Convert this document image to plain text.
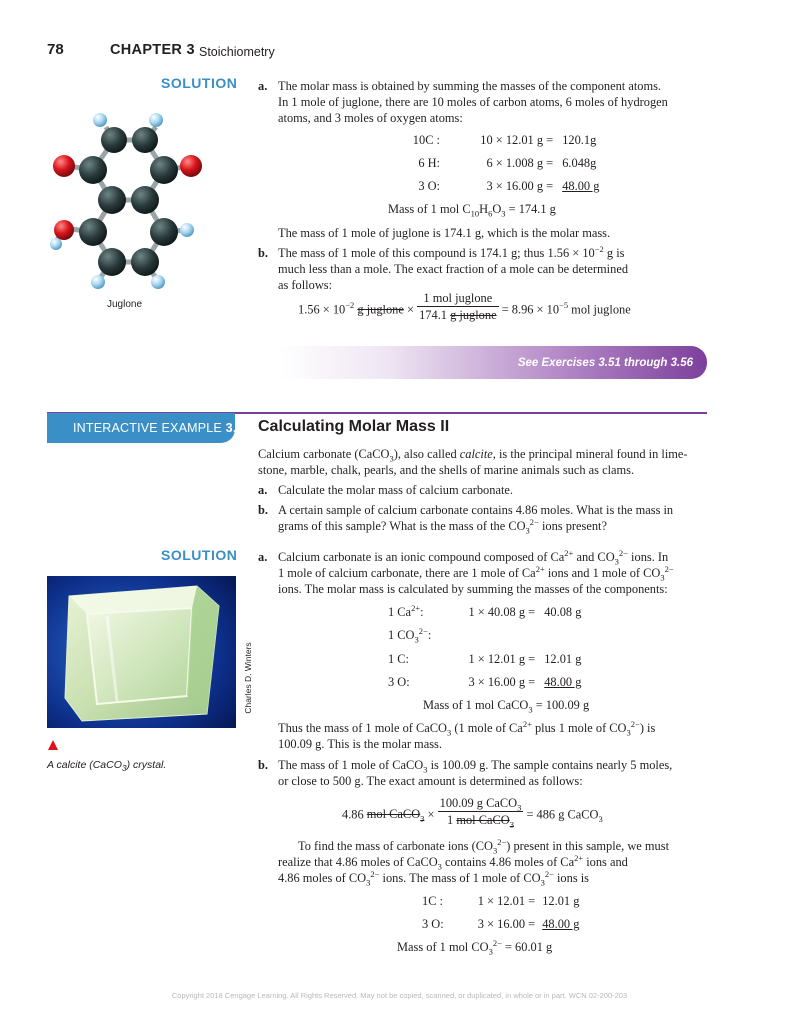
78	CHAPTER 3 Stoichiometry
SOLUTION
Juglone
a. The molar mass is obtained by summing the masses of the component atoms.
In 1 mole of juglone, there are 10 moles of carbon atoms, 6 moles of hydrogen
atoms, and 3 moles of oxygen atoms:
10C :	10 × 12.01 g = 120.1g
6 H:	6 × 1.008 g = 6.048g
3 O:	3 × 16.00 g = 48.00 g
Mass of 1 mol $C_{10}H_6O_3 = 174.1$ g
The mass of 1 mole of juglone is 174.1 g, which is the molar mass.
b. The mass of 1 mole of this compound is 174.1 g; thus $1.56 \times 10^{-2}$ g is
much less than a mole. The exact fraction of a mole can be determined
as follows:
$1.56 \times 10^{-2}$ g juglone × $\frac{\text{1 mol juglone}}{\text{174.1 g juglone}} = 8.96 \times 10^{-5}$ mol juglone
See Exercises 3.51 through 3.56
INTERACTIVE EXAMPLE 3.7 Calculating Molar Mass II
Calcium carbonate (CaCO$_3$), also called calcite, is the principal mineral found in lime-
stone, marble, chalk, pearls, and the shells of marine animals such as clams.
a. Calculate the molar mass of calcium carbonate.
b. A certain sample of calcium carbonate contains 4.86 moles. What is the mass in
grams of this sample? What is the mass of the $CO_3^{2-}$ ions present?
SOLUTION
Charles D. Winters
A calcite (CaCO$_3$) crystal.
a. Calcium carbonate is an ionic compound composed of $Ca^{2+}$ and $CO_3^{2-}$ ions. In
1 mole of calcium carbonate, there are 1 mole of $Ca^{2+}$ ions and 1 mole of $CO_3^{2-}$
ions. The molar mass is calculated by summing the masses of the components:
1 $Ca^{2+}$:	1 × 40.08 g = 40.08 g
1 $CO_3^{2-}$:
1 C:	1 × 12.01 g = 12.01 g
3 O:	3 × 16.00 g = 48.00 g
Mass of 1 mol CaCO$_3$ = 100.09 g
Thus the mass of 1 mole of CaCO$_3$ (1 mole of $Ca^{2+}$ plus 1 mole of $CO_3^{2-}$) is
100.09 g. This is the molar mass.
b. The mass of 1 mole of CaCO$_3$ is 100.09 g. The sample contains nearly 5 moles,
or close to 500 g. The exact amount is determined as follows:
4.86 mol CaCO$_3$ × $\frac{100.09 g CaCO_3}{1 mol CaCO_3} = 486$ g CaCO$_3$
To find the mass of carbonate ions $(CO_3^{2-})$ present in this sample, we must
realize that 4.86 moles of CaCO$_3$ contains 4.86 moles of $Ca^{2+}$ ions and
4.86 moles of $CO_3^{2-}$ ions. The mass of 1 mole of $CO_3^{2-}$ ions is
1C :	1 × 12.01 = 12.01 g
3 O:	3 × 16.00 = 48.00 g
Mass of 1 mol $CO_3^{2-} = 60.01$ g
Copyright 2018 Cengage Learning. All Rights Reserved. May not be copied, scanned, or duplicated, in whole or in part. WCN 02-200-203
